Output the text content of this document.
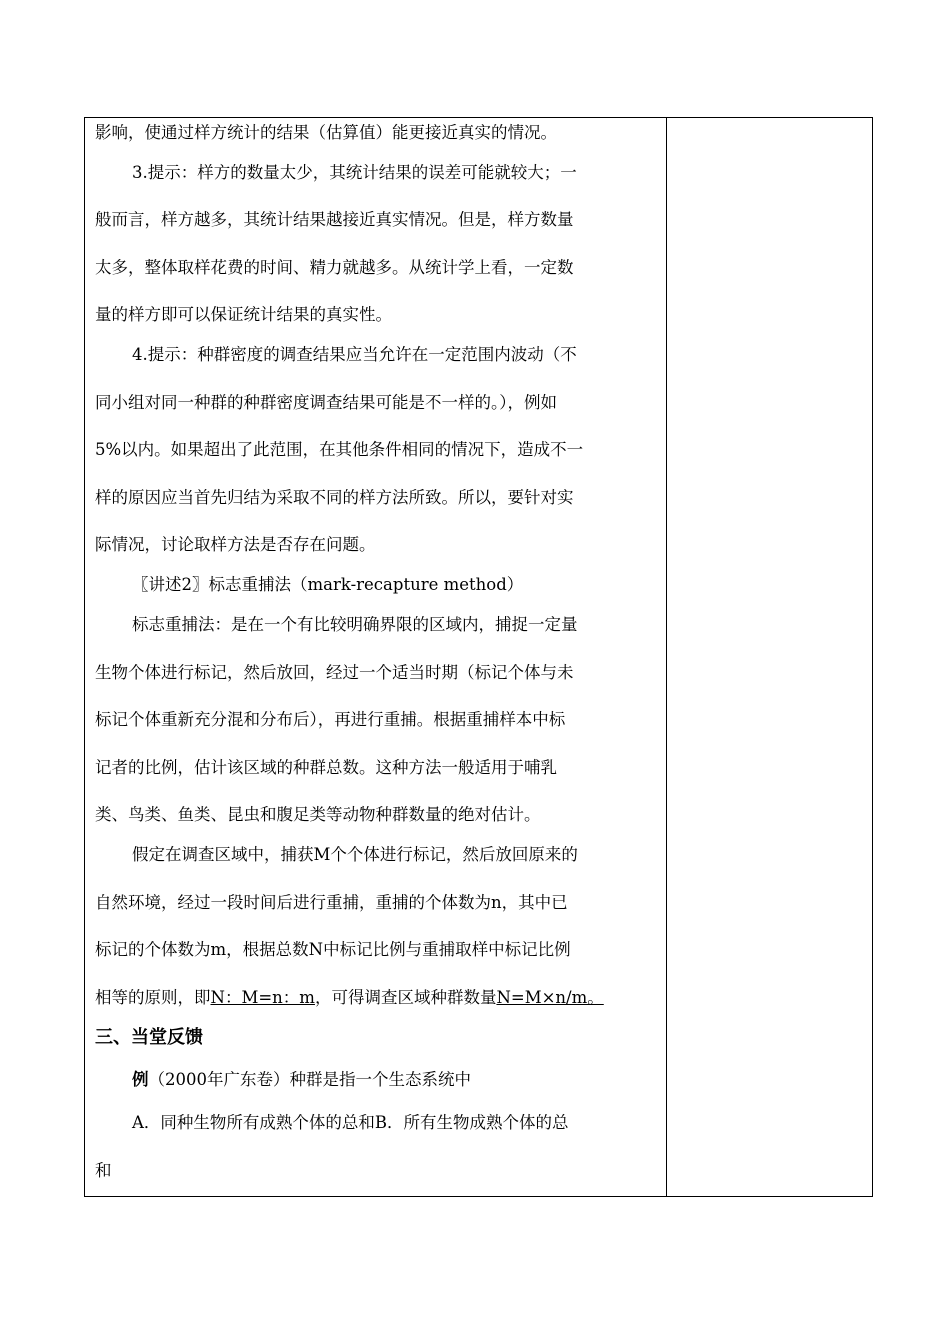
影响，使通过样方统计的结果（估算值）能更接近真实的情况。
3.提示：样方的数量太少，其统计结果的误差可能就较大；一
般而言，样方越多，其统计结果越接近真实情况。但是，样方数量
太多，整体取样花费的时间、精力就越多。从统计学上看，一定数
量的样方即可以保证统计结果的真实性。
4.提示：种群密度的调查结果应当允许在一定范围内波动（不
同小组对同一种群的种群密度调查结果可能是不一样的。），例如
5%以内。如果超出了此范围，在其他条件相同的情况下，造成不一
样的原因应当首先归结为采取不同的样方法所致。所以，要针对实
际情况，讨论取样方法是否存在问题。
〖讲述2〗标志重捕法（mark-recapture method）
标志重捕法：是在一个有比较明确界限的区域内，捕捉一定量
生物个体进行标记，然后放回，经过一个适当时期（标记个体与未
标记个体重新充分混和分布后），再进行重捕。根据重捕样本中标
记者的比例，估计该区域的种群总数。这种方法一般适用于哺乳
类、鸟类、鱼类、昆虫和腹足类等动物种群数量的绝对估计。
假定在调查区域中，捕获M个个体进行标记，然后放回原来的
自然环境，经过一段时间后进行重捕，重捕的个体数为n，其中已
标记的个体数为m，根据总数N中标记比例与重捕取样中标记比例
相等的原则，即N：M=n：m，可得调查区域种群数量N=M×n/m。
三、当堂反馈
例（2000年广东卷）种群是指一个生态系统中
A．同种生物所有成熟个体的总和B．所有生物成熟个体的总
和
